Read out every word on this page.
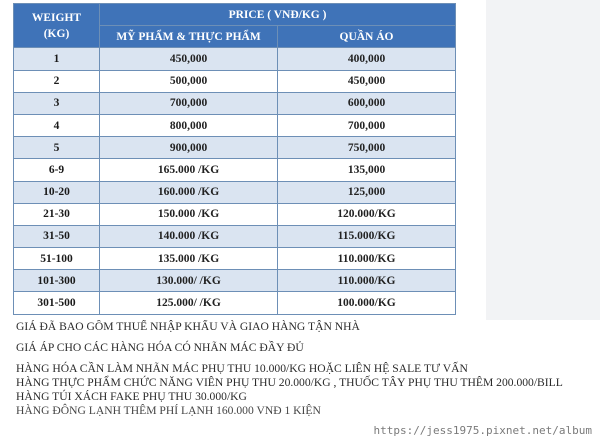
WEIGHT
(KG)	PRICE ( VNĐ/KG )	
	MỸ PHẨM & THỰC PHẨM	QUẦN ÁO
1	450,000	400,000
2	500,000	450,000
3	700,000	600,000
4	800,000	700,000
5	900,000	750,000
6-9	165.000 /KG	135,000
10-20	160.000 /KG	125,000
21-30	150.000 /KG	120.000/KG
31-50	140.000 /KG	115.000/KG
51-100	135.000 /KG	110.000/KG
101-300	130.000/ /KG	110.000/KG
301-500	125.000/ /KG	100.000/KG

GIÁ ĐÃ BAO GỒM THUẾ NHẬP KHẨU VÀ GIAO HÀNG TẬN NHÀ

GIÁ ÁP CHO CÁC HÀNG HÓA CÓ NHÃN MÁC ĐẦY ĐỦ

HÀNG HÓA CẦN LÀM NHÃN MÁC PHỤ THU 10.000/KG HOẶC LIÊN HỆ SALE TƯ VẤN

HÀNG THỰC PHẨM CHỨC NĂNG VIÊN PHỤ THU 20.000/KG , THUỐC TÂY PHỤ THU THÊM 200.000/BILL

HÀNG TÚI XÁCH FAKE PHỤ THU 30.000/KG

HÀNG ĐÔNG LẠNH THÊM PHÍ LẠNH 160.000 VNĐ 1 KIỆN

https://jess1975.pixnet.net/album
